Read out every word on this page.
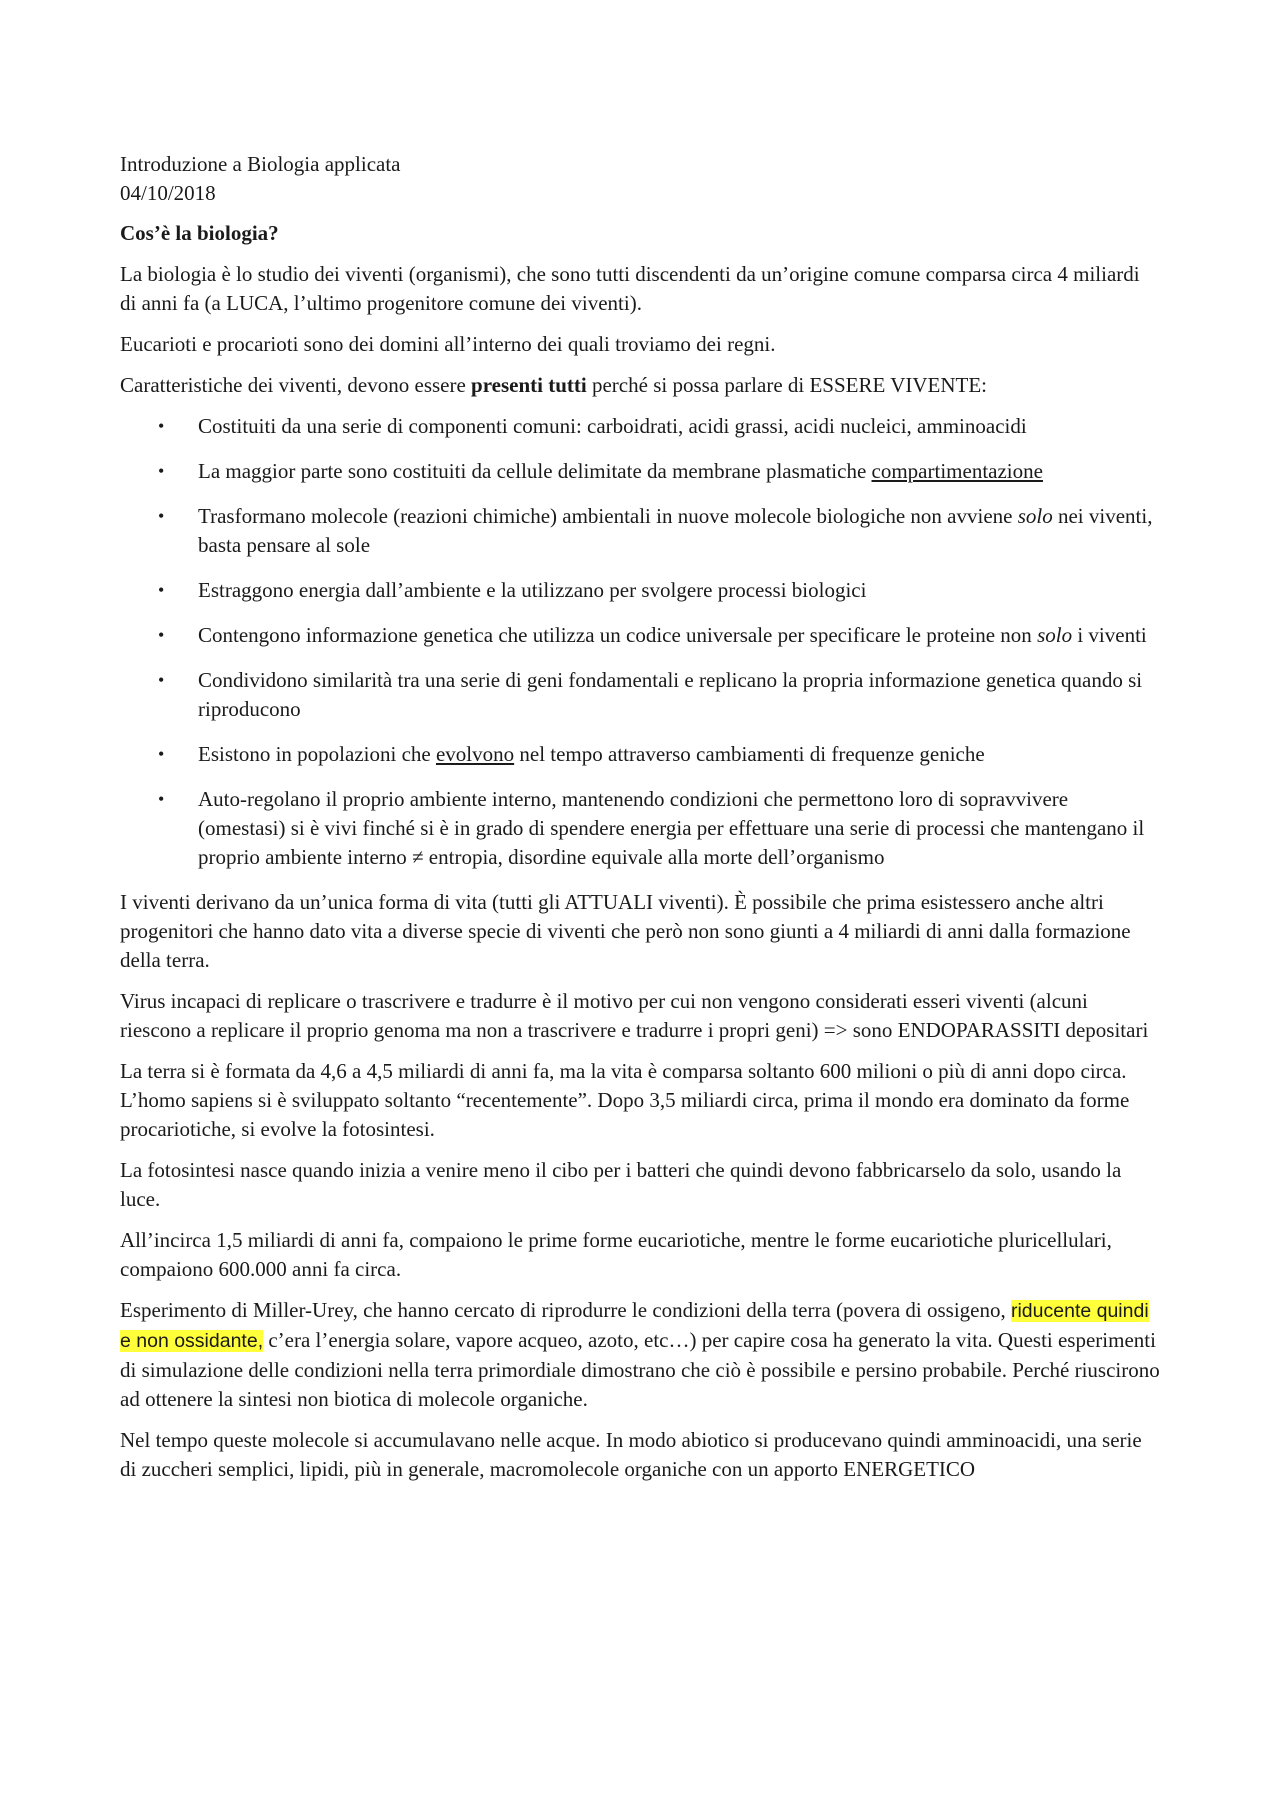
Introduzione a Biologia applicata
04/10/2018
Cos’è la biologia?

La biologia è lo studio dei viventi (organismi), che sono tutti discendenti da un’origine comune comparsa circa 4 miliardi di anni fa (a LUCA, l’ultimo progenitore comune dei viventi).

Eucarioti e procarioti sono dei domini all’interno dei quali troviamo dei regni.

Caratteristiche dei viventi, devono essere presenti tutti perché si possa parlare di ESSERE VIVENTE:

• Costituiti da una serie di componenti comuni: carboidrati, acidi grassi, acidi nucleici, amminoacidi
• La maggior parte sono costituiti da cellule delimitate da membrane plasmatiche compartimentazione
• Trasformano molecole (reazioni chimiche) ambientali in nuove molecole biologiche non avviene solo nei viventi, basta pensare al sole
• Estraggono energia dall’ambiente e la utilizzano per svolgere processi biologici
• Contengono informazione genetica che utilizza un codice universale per specificare le proteine non solo i viventi
• Condividono similarità tra una serie di geni fondamentali e replicano la propria informazione genetica quando si riproducono
• Esistono in popolazioni che evolvono nel tempo attraverso cambiamenti di frequenze geniche
• Auto-regolano il proprio ambiente interno, mantenendo condizioni che permettono loro di sopravvivere (omestasi) si è vivi finché si è in grado di spendere energia per effettuare una serie di processi che mantengano il proprio ambiente interno ≠ entropia, disordine equivale alla morte dell’organismo

I viventi derivano da un’unica forma di vita (tutti gli ATTUALI viventi). È possibile che prima esistessero anche altri progenitori che hanno dato vita a diverse specie di viventi che però non sono giunti a 4 miliardi di anni dalla formazione della terra.

Virus incapaci di replicare o trascrivere e tradurre è il motivo per cui non vengono considerati esseri viventi (alcuni riescono a replicare il proprio genoma ma non a trascrivere e tradurre i propri geni) => sono ENDOPARASSITI depositari

La terra si è formata da 4,6 a 4,5 miliardi di anni fa, ma la vita è comparsa soltanto 600 milioni o più di anni dopo circa. L’homo sapiens si è sviluppato soltanto “recentemente”. Dopo 3,5 miliardi circa, prima il mondo era dominato da forme procariotiche, si evolve la fotosintesi.

La fotosintesi nasce quando inizia a venire meno il cibo per i batteri che quindi devono fabbricarselo da solo, usando la luce.

All’incirca 1,5 miliardi di anni fa, compaiono le prime forme eucariotiche, mentre le forme eucariotiche pluricellulari, compaiono 600.000 anni fa circa.

Esperimento di Miller-Urey, che hanno cercato di riprodurre le condizioni della terra (povera di ossigeno, riducente quindi e non ossidante, c’era l’energia solare, vapore acqueo, azoto, etc…) per capire cosa ha generato la vita. Questi esperimenti di simulazione delle condizioni nella terra primordiale dimostrano che ciò è possibile e persino probabile. Perché riuscirono ad ottenere la sintesi non biotica di molecole organiche.

Nel tempo queste molecole si accumulavano nelle acque. In modo abiotico si producevano quindi amminoacidi, una serie di zuccheri semplici, lipidi, più in generale, macromolecole organiche con un apporto ENERGETICO
